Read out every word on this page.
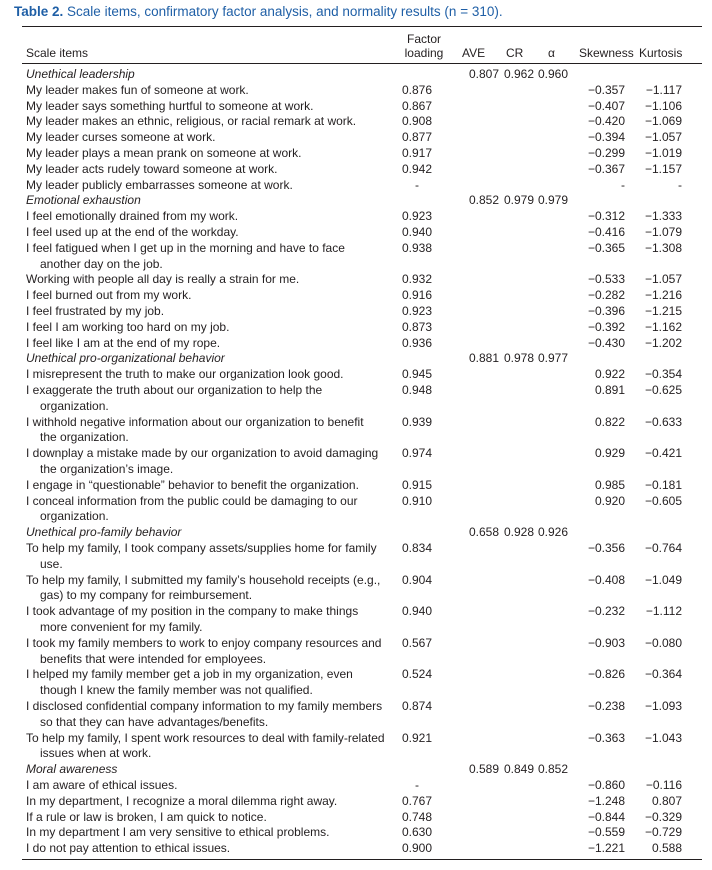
Table 2. Scale items, confirmatory factor analysis, and normality results (n = 310).
Scale items
Factor
loading	AVE CR α Skewness Kurtosis
Unethical leadership	0.807 0.962 0.960
My leader makes fun of someone at work.	0.876	−0.357	−1.117
My leader says something hurtful to someone at work.	0.867	−0.407	−1.106
My leader makes an ethnic, religious, or racial remark at work.	0.908	−0.420	−1.069
My leader curses someone at work.	0.877	−0.394	−1.057
My leader plays a mean prank on someone at work.	0.917	−0.299	−1.019
My leader acts rudely toward someone at work.	0.942	−0.367	−1.157
My leader publicly embarrasses someone at work.	-	-	-
Emotional exhaustion	0.852 0.979 0.979
I feel emotionally drained from my work.	0.923	−0.312	−1.333
I feel used up at the end of the workday.	0.940	−0.416	−1.079
I feel fatigued when I get up in the morning and have to face
another day on the job.
0.938	−0.365	−1.308
Working with people all day is really a strain for me.	0.932	−0.533	−1.057
I feel burned out from my work.	0.916	−0.282	−1.216
I feel frustrated by my job.	0.923	−0.396	−1.215
I feel I am working too hard on my job.	0.873	−0.392	−1.162
I feel like I am at the end of my rope.	0.936	−0.430	−1.202
Unethical pro-organizational behavior	0.881 0.978 0.977
I misrepresent the truth to make our organization look good.	0.945	0.922	−0.354
I exaggerate the truth about our organization to help the
organization.
0.948	0.891	−0.625
I withhold negative information about our organization to benefit
the organization.
0.939	0.822	−0.633
I downplay a mistake made by our organization to avoid damaging
the organization’s image.
0.974	0.929	−0.421
I engage in “questionable” behavior to benefit the organization.	0.915	0.985	−0.181
I conceal information from the public could be damaging to our
organization.
0.910	0.920	−0.605
Unethical pro-family behavior	0.658 0.928 0.926
To help my family, I took company assets/supplies home for family
use.
0.834	−0.356	−0.764
To help my family, I submitted my family’s household receipts (e.g.,
gas) to my company for reimbursement.
0.904	−0.408	−1.049
I took advantage of my position in the company to make things
more convenient for my family.
0.940	−0.232	−1.112
I took my family members to work to enjoy company resources and
benefits that were intended for employees.
0.567	−0.903	−0.080
I helped my family member get a job in my organization, even
though I knew the family member was not qualified.
0.524	−0.826	−0.364
I disclosed confidential company information to my family members
so that they can have advantages/benefits.
0.874	−0.238	−1.093
To help my family, I spent work resources to deal with family-related
issues when at work.
0.921	−0.363	−1.043
Moral awareness	0.589 0.849 0.852
I am aware of ethical issues.	-	−0.860	−0.116
In my department, I recognize a moral dilemma right away.	0.767	−1.248	0.807
If a rule or law is broken, I am quick to notice.	0.748	−0.844	−0.329
In my department I am very sensitive to ethical problems.	0.630	−0.559	−0.729
I do not pay attention to ethical issues.	0.900	−1.221	0.588
